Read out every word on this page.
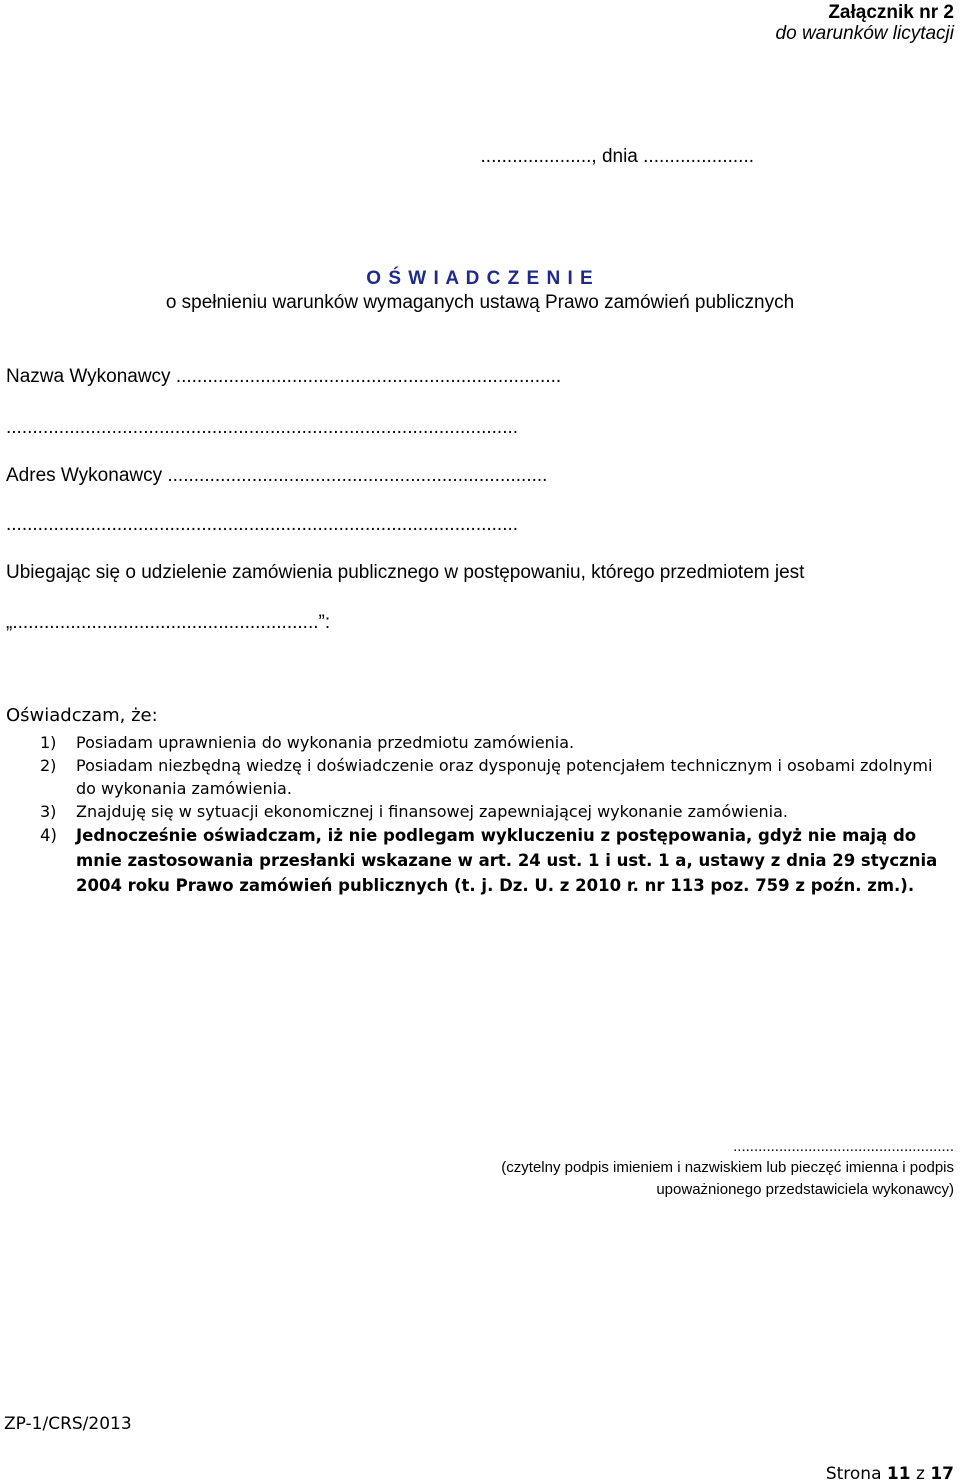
Załącznik nr 2
do warunków licytacji
....................., dnia .....................
O Ś W I A D C Z E N I E
o spełnieniu warunków wymaganych ustawą Prawo zamówień publicznych
Nazwa Wykonawcy .........................................................................
.................................................................................................
Adres Wykonawcy ........................................................................
.................................................................................................
Ubiegając się o udzielenie zamówienia publicznego w postępowaniu, którego przedmiotem jest
„..........................................................”:
Oświadczam, że:
1) Posiadam uprawnienia do wykonania przedmiotu zamówienia.
2) Posiadam niezbędną wiedzę i doświadczenie oraz dysponuję potencjałem technicznym i osobami zdolnymi do wykonania zamówienia.
3) Znajduję się w sytuacji ekonomicznej i finansowej zapewniającej wykonanie zamówienia.
4) Jednocześnie oświadczam, iż nie podlegam wykluczeniu z postępowania, gdyż nie mają do mnie zastosowania przesłanki wskazane w art. 24 ust. 1 i ust. 1 a, ustawy z dnia 29 stycznia 2004 roku Prawo zamówień publicznych (t. j. Dz. U. z 2010 r. nr 113 poz. 759 z poźn. zm.).
.....................................................
(czytelny podpis imieniem i nazwiskiem lub pieczęć imienna i podpis
upoważnionego przedstawiciela wykonawcy)
ZP-1/CRS/2013
Strona 11 z 17
